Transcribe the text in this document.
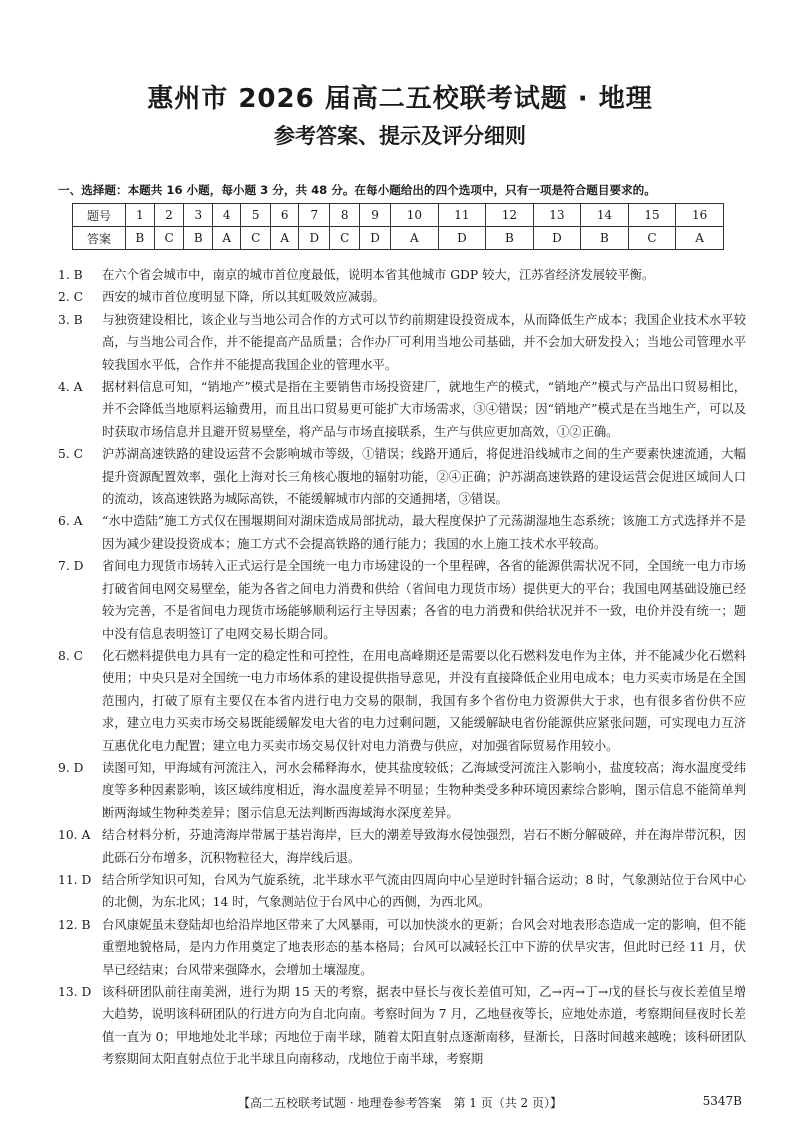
惠州市 2026 届高二五校联考试题 · 地理
参考答案、提示及评分细则
一、选择题：本题共 16 小题，每小题 3 分，共 48 分。在每小题给出的四个选项中，只有一项是符合题目要求的。
题号	1	2	3	4	5	6	7	8	9	10	11	12	13	14	15	16
答案	B	C	B	A	C	A	D	C	D	A	D	B	D	B	C	A
1. B	在六个省会城市中，南京的城市首位度最低，说明本省其他城市 GDP 较大，江苏省经济发展较平衡。
2. C	西安的城市首位度明显下降，所以其虹吸效应减弱。
3. B	与独资建设相比，该企业与当地公司合作的方式可以节约前期建设投资成本，从而降低生产成本；我国企业技术水平较高，与当地公司合作，并不能提高产品质量；合作办厂可利用当地公司基础，并不会加大研发投入；当地公司管理水平较我国水平低，合作并不能提高我国企业的管理水平。
4. A	据材料信息可知，“销地产”模式是指在主要销售市场投资建厂，就地生产的模式，“销地产”模式与产品出口贸易相比，并不会降低当地原料运输费用，而且出口贸易更可能扩大市场需求，③④错误；因“销地产”模式是在当地生产，可以及时获取市场信息并且避开贸易壁垒，将产品与市场直接联系，生产与供应更加高效，①②正确。
5. C	沪苏湖高速铁路的建设运营不会影响城市等级，①错误；线路开通后，将促进沿线城市之间的生产要素快速流通，大幅提升资源配置效率，强化上海对长三角核心腹地的辐射功能，②④正确；沪苏湖高速铁路的建设运营会促进区域间人口的流动，该高速铁路为城际高铁，不能缓解城市内部的交通拥堵，③错误。
6. A	“水中造陆”施工方式仅在围堰期间对湖床造成局部扰动，最大程度保护了元荡湖湿地生态系统；该施工方式选择并不是因为减少建设投资成本；施工方式不会提高铁路的通行能力；我国的水上施工技术水平较高。
7. D	省间电力现货市场转入正式运行是全国统一电力市场建设的一个里程碑，各省的能源供需状况不同，全国统一电力市场打破省间电网交易壁垒，能为各省之间电力消费和供给（省间电力现货市场）提供更大的平台；我国电网基础设施已经较为完善，不是省间电力现货市场能够顺利运行主导因素；各省的电力消费和供给状况并不一致，电价并没有统一；题中没有信息表明签订了电网交易长期合同。
8. C	化石燃料提供电力具有一定的稳定性和可控性，在用电高峰期还是需要以化石燃料发电作为主体，并不能减少化石燃料使用；中央只是对全国统一电力市场体系的建设提供指导意见，并没有直接降低企业用电成本；电力买卖市场是在全国范围内，打破了原有主要仅在本省内进行电力交易的限制，我国有多个省份电力资源供大于求，也有很多省份供不应求，建立电力买卖市场交易既能缓解发电大省的电力过剩问题，又能缓解缺电省份能源供应紧张问题，可实现电力互济互惠优化电力配置；建立电力买卖市场交易仅针对电力消费与供应，对加强省际贸易作用较小。
9. D	读图可知，甲海域有河流注入，河水会稀释海水，使其盐度较低；乙海域受河流注入影响小，盐度较高；海水温度受纬度等多种因素影响，该区域纬度相近，海水温度差异不明显；生物种类受多种环境因素综合影响，图示信息不能简单判断两海域生物种类差异；图示信息无法判断西海域海水深度差异。
10. A 结合材料分析，芬迪湾海岸带属于基岩海岸，巨大的潮差导致海水侵蚀强烈，岩石不断分解破碎，并在海岸带沉积，因此砾石分布增多，沉积物粒径大，海岸线后退。
11. D 结合所学知识可知，台风为气旋系统，北半球水平气流由四周向中心呈逆时针辐合运动；8 时，气象测站位于台风中心的北侧，为东北风；14 时，气象测站位于台风中心的西侧，为西北风。
12. B 台风康妮虽未登陆却也给沿岸地区带来了大风暴雨，可以加快淡水的更新；台风会对地表形态造成一定的影响，但不能重塑地貌格局，是内力作用奠定了地表形态的基本格局；台风可以减轻长江中下游的伏旱灾害，但此时已经 11 月，伏旱已经结束；台风带来强降水，会增加土壤湿度。
13. D 该科研团队前往南美洲，进行为期 15 天的考察，据表中昼长与夜长差值可知，乙→丙→丁→戊的昼长与夜长差值呈增大趋势，说明该科研团队的行进方向为自北向南。考察时间为 7 月，乙地昼夜等长，应地处赤道，考察期间昼夜时长差值一直为 0；甲地地处北半球；丙地位于南半球，随着太阳直射点逐渐南移，昼渐长，日落时间越来越晚；该科研团队考察期间太阳直射点位于北半球且向南移动，戊地位于南半球，考察期
【高二五校联考试题 · 地理卷参考答案　第 1 页（共 2 页）】	5347B
